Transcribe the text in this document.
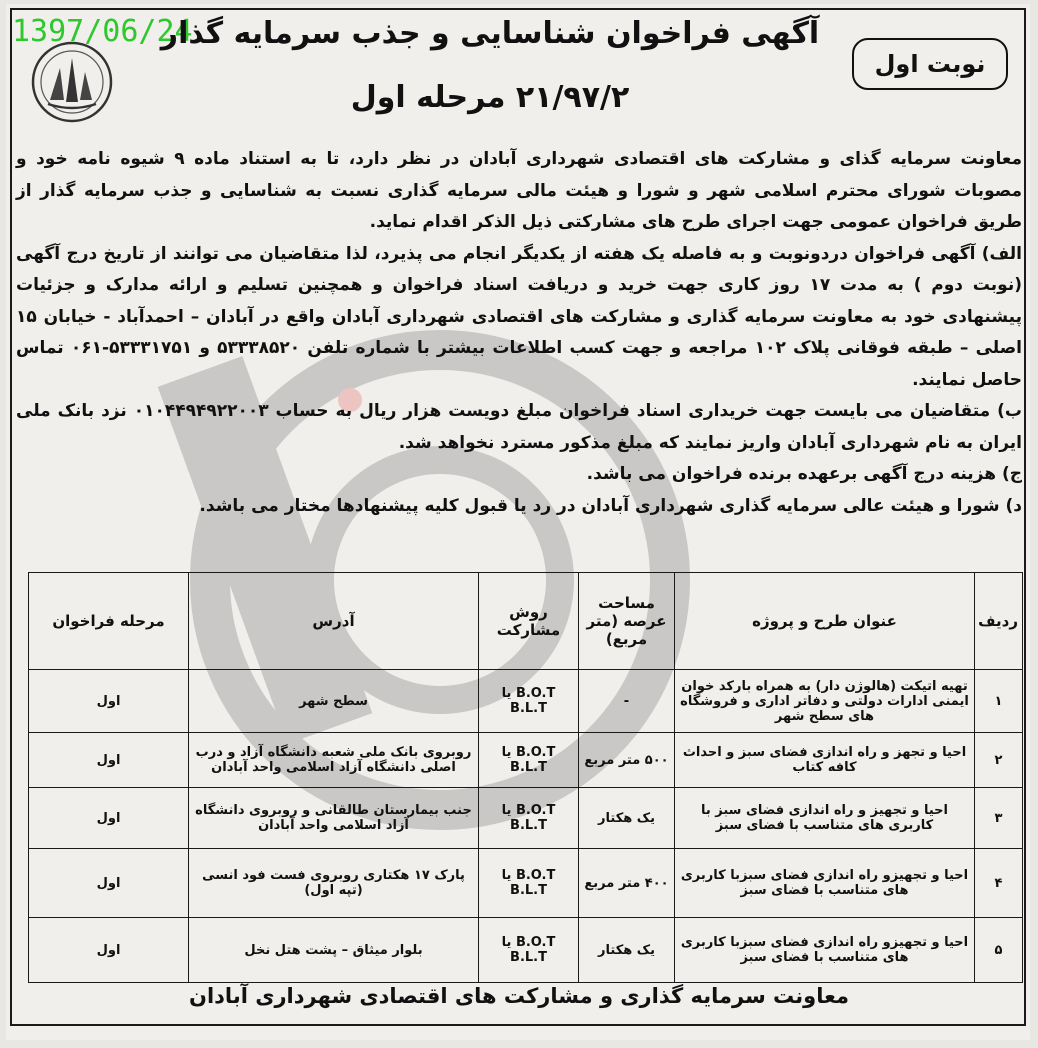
1397/06/24
نوبت اول
آگهی فراخوان شناسایی و جذب سرمایه گذار
۲۱/۹۷/۲ مرحله اول

معاونت سرمایه گذای و مشارکت های اقتصادی شهرداری آبادان در نظر دارد، تا به استناد ماده ۹ شیوه نامه خود و مصوبات شورای محترم اسلامی شهر و شورا و هیئت مالی سرمایه گذاری نسبت به شناسایی و جذب سرمایه گذار از طریق فراخوان عمومی جهت اجرای طرح های مشارکتی ذیل الذکر اقدام نماید.

الف) آگهی فراخوان دردونوبت و به فاصله یک هفته از یکدیگر انجام می پذیرد، لذا متقاضیان می توانند از تاریخ درج آگهی (نوبت دوم ) به مدت ۱۷ روز کاری جهت خرید و دریافت اسناد فراخوان و همچنین تسلیم و ارائه مدارک و جزئیات پیشنهادی خود به معاونت سرمایه گذاری و مشارکت های اقتصادی شهرداری آبادان واقع در آبادان – احمدآباد - خیابان ۱۵ اصلی – طبقه فوقانی پلاک ۱۰۲ مراجعه و جهت کسب اطلاعات بیشتر با شماره تلفن ۵۳۳۳۸۵۲۰ و ۵۳۳۳۱۷۵۱-۰۶۱ تماس حاصل نمایند.

ب) متقاضیان می بایست جهت خریداری اسناد فراخوان مبلغ دویست هزار ریال به حساب ۰۱۰۴۴۹۴۹۲۲۰۰۳ نزد بانک ملی ایران به نام شهرداری آبادان واریز نمایند که مبلغ مذکور مسترد نخواهد شد.

ج) هزینه درج آگهی برعهده برنده فراخوان می باشد.

د) شورا و هیئت عالی سرمایه گذاری شهرداری آبادان در رد یا قبول کلیه پیشنهادها مختار می باشد.

ردیف	عنوان طرح و پروژه	مساحت عرصه (متر مربع)	روش مشارکت	آدرس	مرحله فراخوان
۱	تهیه اتیکت (هالوژن دار) به همراه بارکد خوان ایمنی ادارات دولتی و دفاتر اداری و فروشگاه های سطح شهر	-	B.O.T یا B.L.T	سطح شهر	اول
۲	احیا و تجهز و راه اندازی فضای سبز و احداث کافه کتاب	۵۰۰ متر مربع	B.O.T یا B.L.T	روبروی بانک ملی شعبه دانشگاه آزاد و درب اصلی دانشگاه آزاد اسلامی واحد آبادان	اول
۳	احیا و تجهیز و راه اندازی فضای سبز با کاربری های متناسب با فضای سبز	یک هکتار	B.O.T یا B.L.T	جنب بیمارستان طالقانی و روبروی دانشگاه آزاد اسلامی واحد آبادان	اول
۴	احیا و تجهیزو راه اندازی فضای سبزبا کاربری های متناسب با فضای سبز	۴۰۰ متر مربع	B.O.T یا B.L.T	پارک ۱۷ هکتاری روبروی فست فود انسی (تپه اول)	اول
۵	احیا و تجهیزو راه اندازی فضای سبزبا کاربری های متناسب با فضای سبز	یک هکتار	B.O.T یا B.L.T	بلوار میثاق – پشت هتل نخل	اول
معاونت سرمایه گذاری و مشارکت های اقتصادی شهرداری آبادان
